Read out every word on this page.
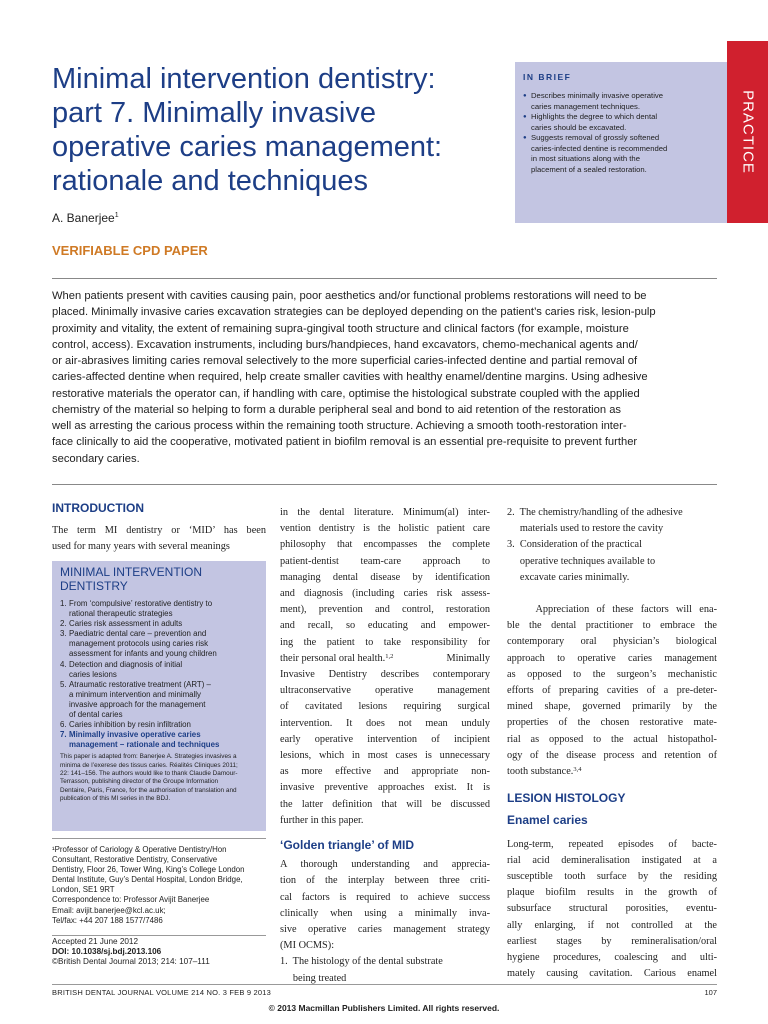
Minimal intervention dentistry:
part 7. Minimally invasive
operative caries management:
rationale and techniques
A. Banerjee$^1$
VERIFIABLE CPD PAPER
IN BRIEF
● Describes minimally invasive operative
caries management techniques.
● Highlights the degree to which dental
caries should be excavated.
● Suggests removal of grossly softened
caries-infected dentine is recommended
in most situations along with the
placement of a sealed restoration.	PRACTICE
When patients present with cavities causing pain, poor aesthetics and/or functional problems restorations will need to be
placed. Minimally invasive caries excavation strategies can be deployed depending on the patient’s caries risk, lesion-pulp
proximity and vitality, the extent of remaining supra-gingival tooth structure and clinical factors (for example, moisture
control, access). Excavation instruments, including burs/handpieces, hand excavators, chemo-mechanical agents and/
or air-abrasives limiting caries removal selectively to the more superficial caries-infected dentine and partial removal of
caries-affected dentine when required, help create smaller cavities with healthy enamel/dentine margins. Using adhesive
restorative materials the operator can, if handling with care, optimise the histological substrate coupled with the applied
chemistry of the material so helping to form a durable peripheral seal and bond to aid retention of the restoration as
well as arresting the carious process within the remaining tooth structure. Achieving a smooth tooth-restoration inter-
face clinically to aid the cooperative, motivated patient in biofilm removal is an essential pre-requisite to prevent further
secondary caries.
INTRODUCTION
The term MI dentistry or ‘MID’ has been
used for many years with several meanings
MINIMAL INTERVENTION
DENTISTRY
1. From ‘compulsive’ restorative dentistry to
rational therapeutic strategies
2. Caries risk assessment in adults
3. Paediatric dental care – prevention and
management protocols using caries risk
assessment for infants and young children
4. Detection and diagnosis of initial
caries lesions
5. Atraumatic restorative treatment (ART) –
a minimum intervention and minimally
invasive approach for the management
of dental caries
6. Caries inhibition by resin infiltration
7. Minimally invasive operative caries
management – rationale and techniques
This paper is adapted from: Banerjee A. Strategies invasives a
minima de l’exerese des tissus caries. Réalités Cliniques 2011;
22: 141–156. The authors would like to thank Claudie Damour-
Terrasson, publishing director of the Groupe Information
Dentaire, Paris, France, for the authorisation of translation and
publication of this MI series in the BDJ.
¹Professor of Cariology & Operative Dentistry/Hon
Consultant, Restorative Dentistry, Conservative
Dentistry, Floor 26, Tower Wing, King’s College London
Dental Institute, Guy’s Dental Hospital, London Bridge,
London, SE1 9RT
Correspondence to: Professor Avijit Banerjee
Email: avijit.banerjee@kcl.ac.uk;
Tel/fax: +44 207 188 1577/7486
Accepted 21 June 2012
DOI: 10.1038/sj.bdj.2013.106
©British Dental Journal 2013; 214: 107–111
in the dental literature. Minimum(al) inter-
vention dentistry is the holistic patient care
philosophy that encompasses the complete
patient-dentist team-care approach to
managing dental disease by identification
and diagnosis (including caries risk assess-
ment), prevention and control, restoration
and recall, so educating and empower-
ing the patient to take responsibility for
their personal oral health.$^{1,2}$	Minimally
Invasive Dentistry describes contemporary
ultraconservative operative management
of cavitated lesions requiring surgical
intervention. It does not mean unduly
early operative intervention of incipient
lesions, which in most cases is unnecessary
as more effective and appropriate non-
invasive preventive approaches exist. It is
the latter definition that will be discussed
further in this paper.
‘Golden triangle’ of MID
A thorough understanding and apprecia-
tion of the interplay between three criti-
cal factors is required to achieve success
clinically when using a minimally inva-
sive operative caries management strategy
(MI OCMS):
1.  The histology of the dental substrate
being treated
2.  The chemistry/handling of the adhesive
materials used to restore the cavity
3.  Consideration of the practical
operative techniques available to
excavate caries minimally.
Appreciation of these factors will ena-
ble the dental practitioner to embrace the
contemporary oral physician’s biological
approach to operative caries management
as opposed to the surgeon’s mechanistic
efforts of preparing cavities of a pre-deter-
mined shape, governed primarily by the
properties of the chosen restorative mate-
rial as opposed to the actual histopathol-
ogy of the disease process and retention of
tooth substance.$^{3,4}$
LESION HISTOLOGY
Enamel caries
Long-term, repeated episodes of bacte-
rial acid demineralisation instigated at a
susceptible tooth surface by the residing
plaque biofilm results in the growth of
subsurface structural porosities, eventu-
ally enlarging, if not controlled at the
earliest stages by remineralisation/oral
hygiene procedures, coalescing and ulti-
mately causing cavitation. Carious enamel
BRITISH DENTAL JOURNAL VOLUME 214 NO. 3 FEB 9 2013	107
© 2013 Macmillan Publishers Limited. All rights reserved.
